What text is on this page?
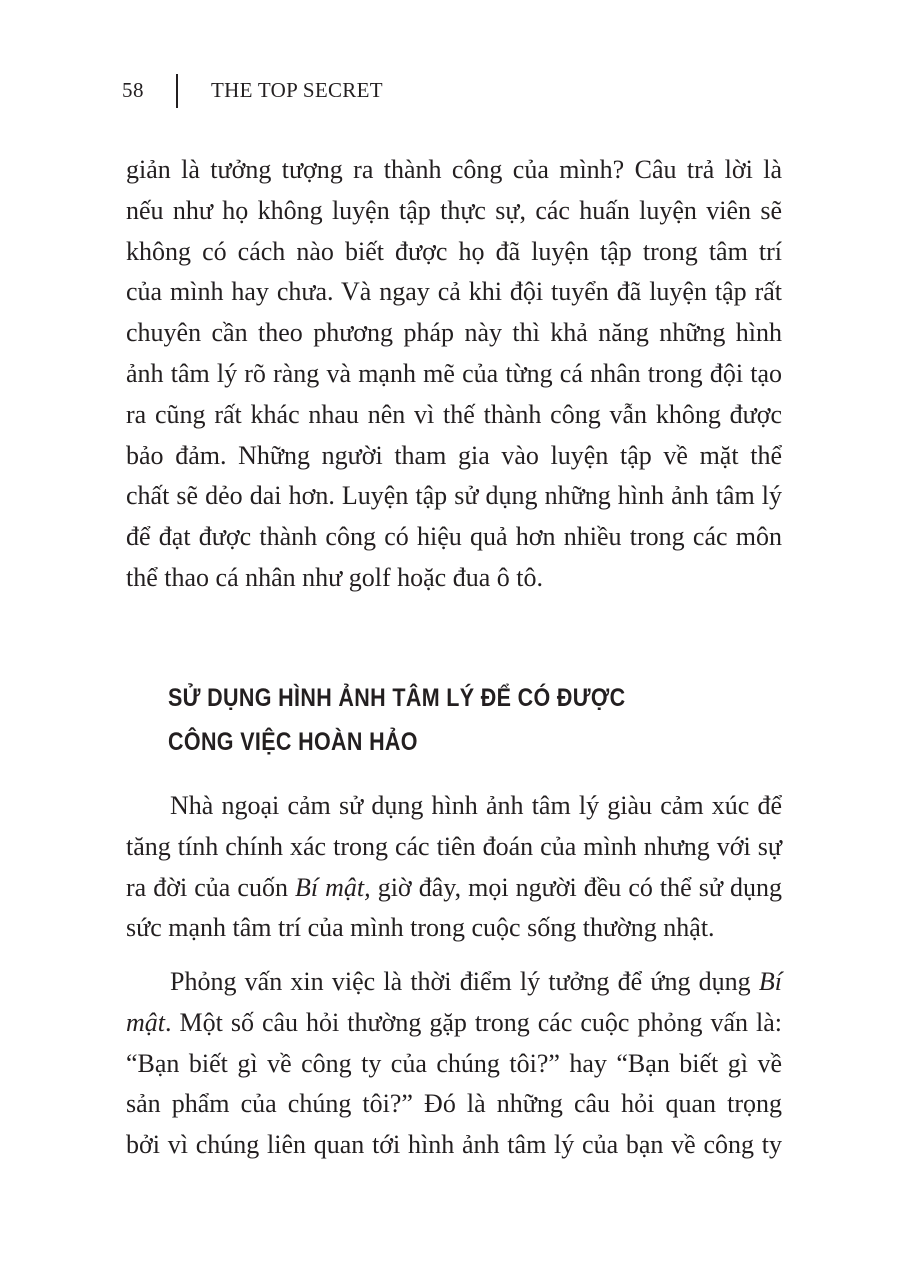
58	THE TOP SECRET
giản là tưởng tượng ra thành công của mình? Câu trả lời là
nếu như họ không luyện tập thực sự, các huấn luyện viên sẽ
không có cách nào biết được họ đã luyện tập trong tâm trí
của mình hay chưa. Và ngay cả khi đội tuyển đã luyện tập rất
chuyên cần theo phương pháp này thì khả năng những hình
ảnh tâm lý rõ ràng và mạnh mẽ của từng cá nhân trong đội tạo
ra cũng rất khác nhau nên vì thế thành công vẫn không được
bảo đảm. Những người tham gia vào luyện tập về mặt thể
chất sẽ dẻo dai hơn. Luyện tập sử dụng những hình ảnh tâm lý
để đạt được thành công có hiệu quả hơn nhiều trong các môn
thể thao cá nhân như golf hoặc đua ô tô.
SỬ DỤNG HÌNH ẢNH TÂM LÝ ĐỂ CÓ ĐƯỢC
CÔNG VIỆC HOÀN HẢO
Nhà ngoại cảm sử dụng hình ảnh tâm lý giàu cảm xúc để
tăng tính chính xác trong các tiên đoán của mình nhưng với sự
ra đời của cuốn Bí mật, giờ đây, mọi người đều có thể sử dụng
sức mạnh tâm trí của mình trong cuộc sống thường nhật.
Phỏng vấn xin việc là thời điểm lý tưởng để ứng dụng Bí
mật. Một số câu hỏi thường gặp trong các cuộc phỏng vấn là:
“Bạn biết gì về công ty của chúng tôi?” hay “Bạn biết gì về
sản phẩm của chúng tôi?” Đó là những câu hỏi quan trọng
bởi vì chúng liên quan tới hình ảnh tâm lý của bạn về công ty
